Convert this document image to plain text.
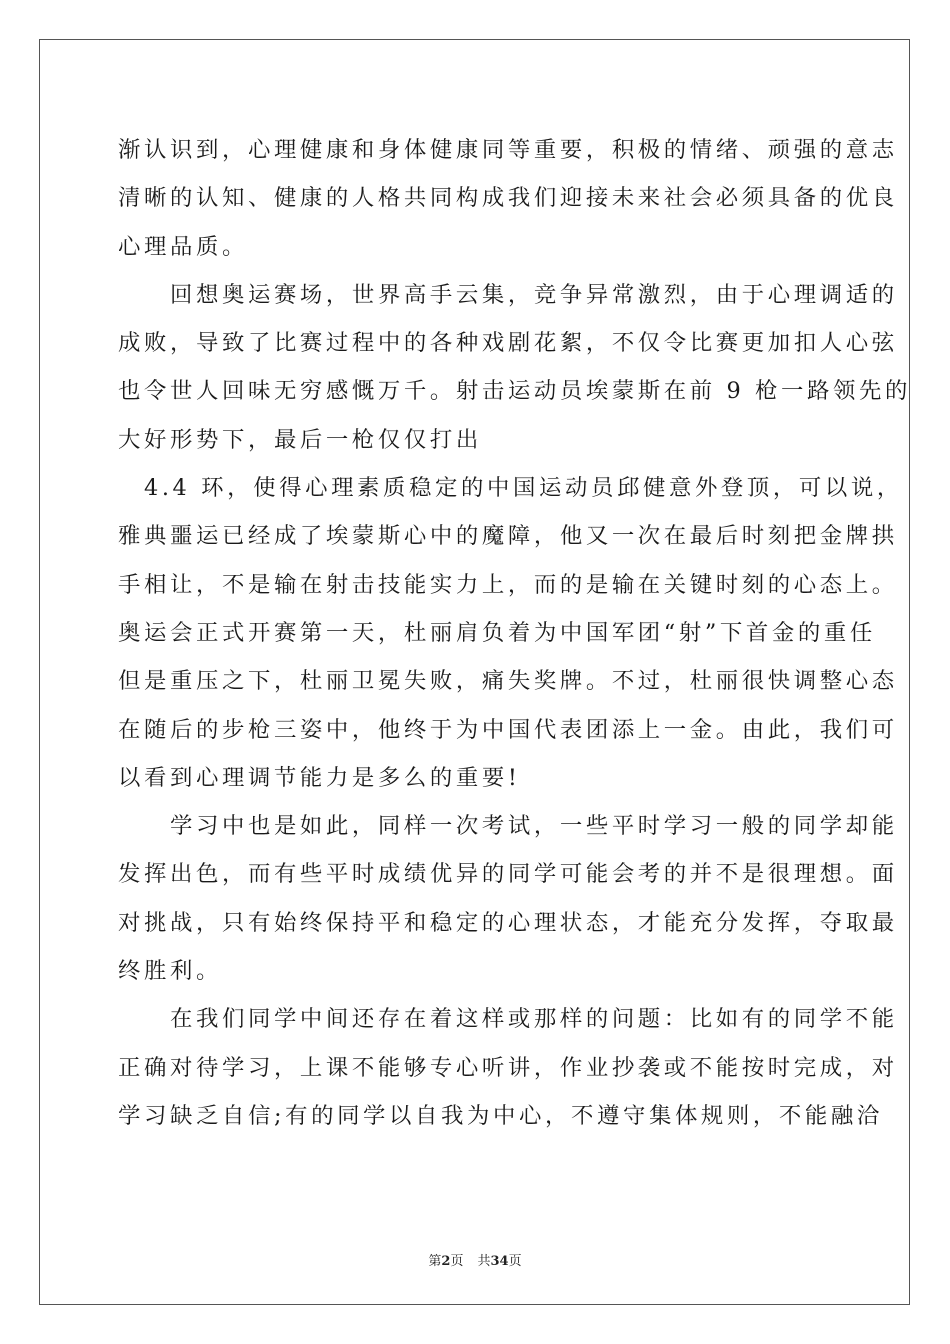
渐认识到，心理健康和身体健康同等重要，积极的情绪、顽强的意志
清晰的认知、健康的人格共同构成我们迎接未来社会必须具备的优良
心理品质。
　　回想奥运赛场，世界高手云集，竞争异常激烈，由于心理调适的
成败，导致了比赛过程中的各种戏剧花絮，不仅令比赛更加扣人心弦
也令世人回味无穷感慨万千。射击运动员埃蒙斯在前 9 枪一路领先的
大好形势下，最后一枪仅仅打出
　4.4 环，使得心理素质稳定的中国运动员邱健意外登顶，可以说，
雅典噩运已经成了埃蒙斯心中的魔障，他又一次在最后时刻把金牌拱
手相让，不是输在射击技能实力上，而的是输在关键时刻的心态上。
奥运会正式开赛第一天，杜丽肩负着为中国军团“射”下首金的重任
但是重压之下，杜丽卫冕失败，痛失奖牌。不过，杜丽很快调整心态
在随后的步枪三姿中，他终于为中国代表团添上一金。由此，我们可
以看到心理调节能力是多么的重要!
　　学习中也是如此，同样一次考试，一些平时学习一般的同学却能
发挥出色，而有些平时成绩优异的同学可能会考的并不是很理想。面
对挑战，只有始终保持平和稳定的心理状态，才能充分发挥，夺取最
终胜利。
　　在我们同学中间还存在着这样或那样的问题：比如有的同学不能
正确对待学习，上课不能够专心听讲，作业抄袭或不能按时完成，对
学习缺乏自信;有的同学以自我为中心，不遵守集体规则，不能融洽
第2页 共34页
